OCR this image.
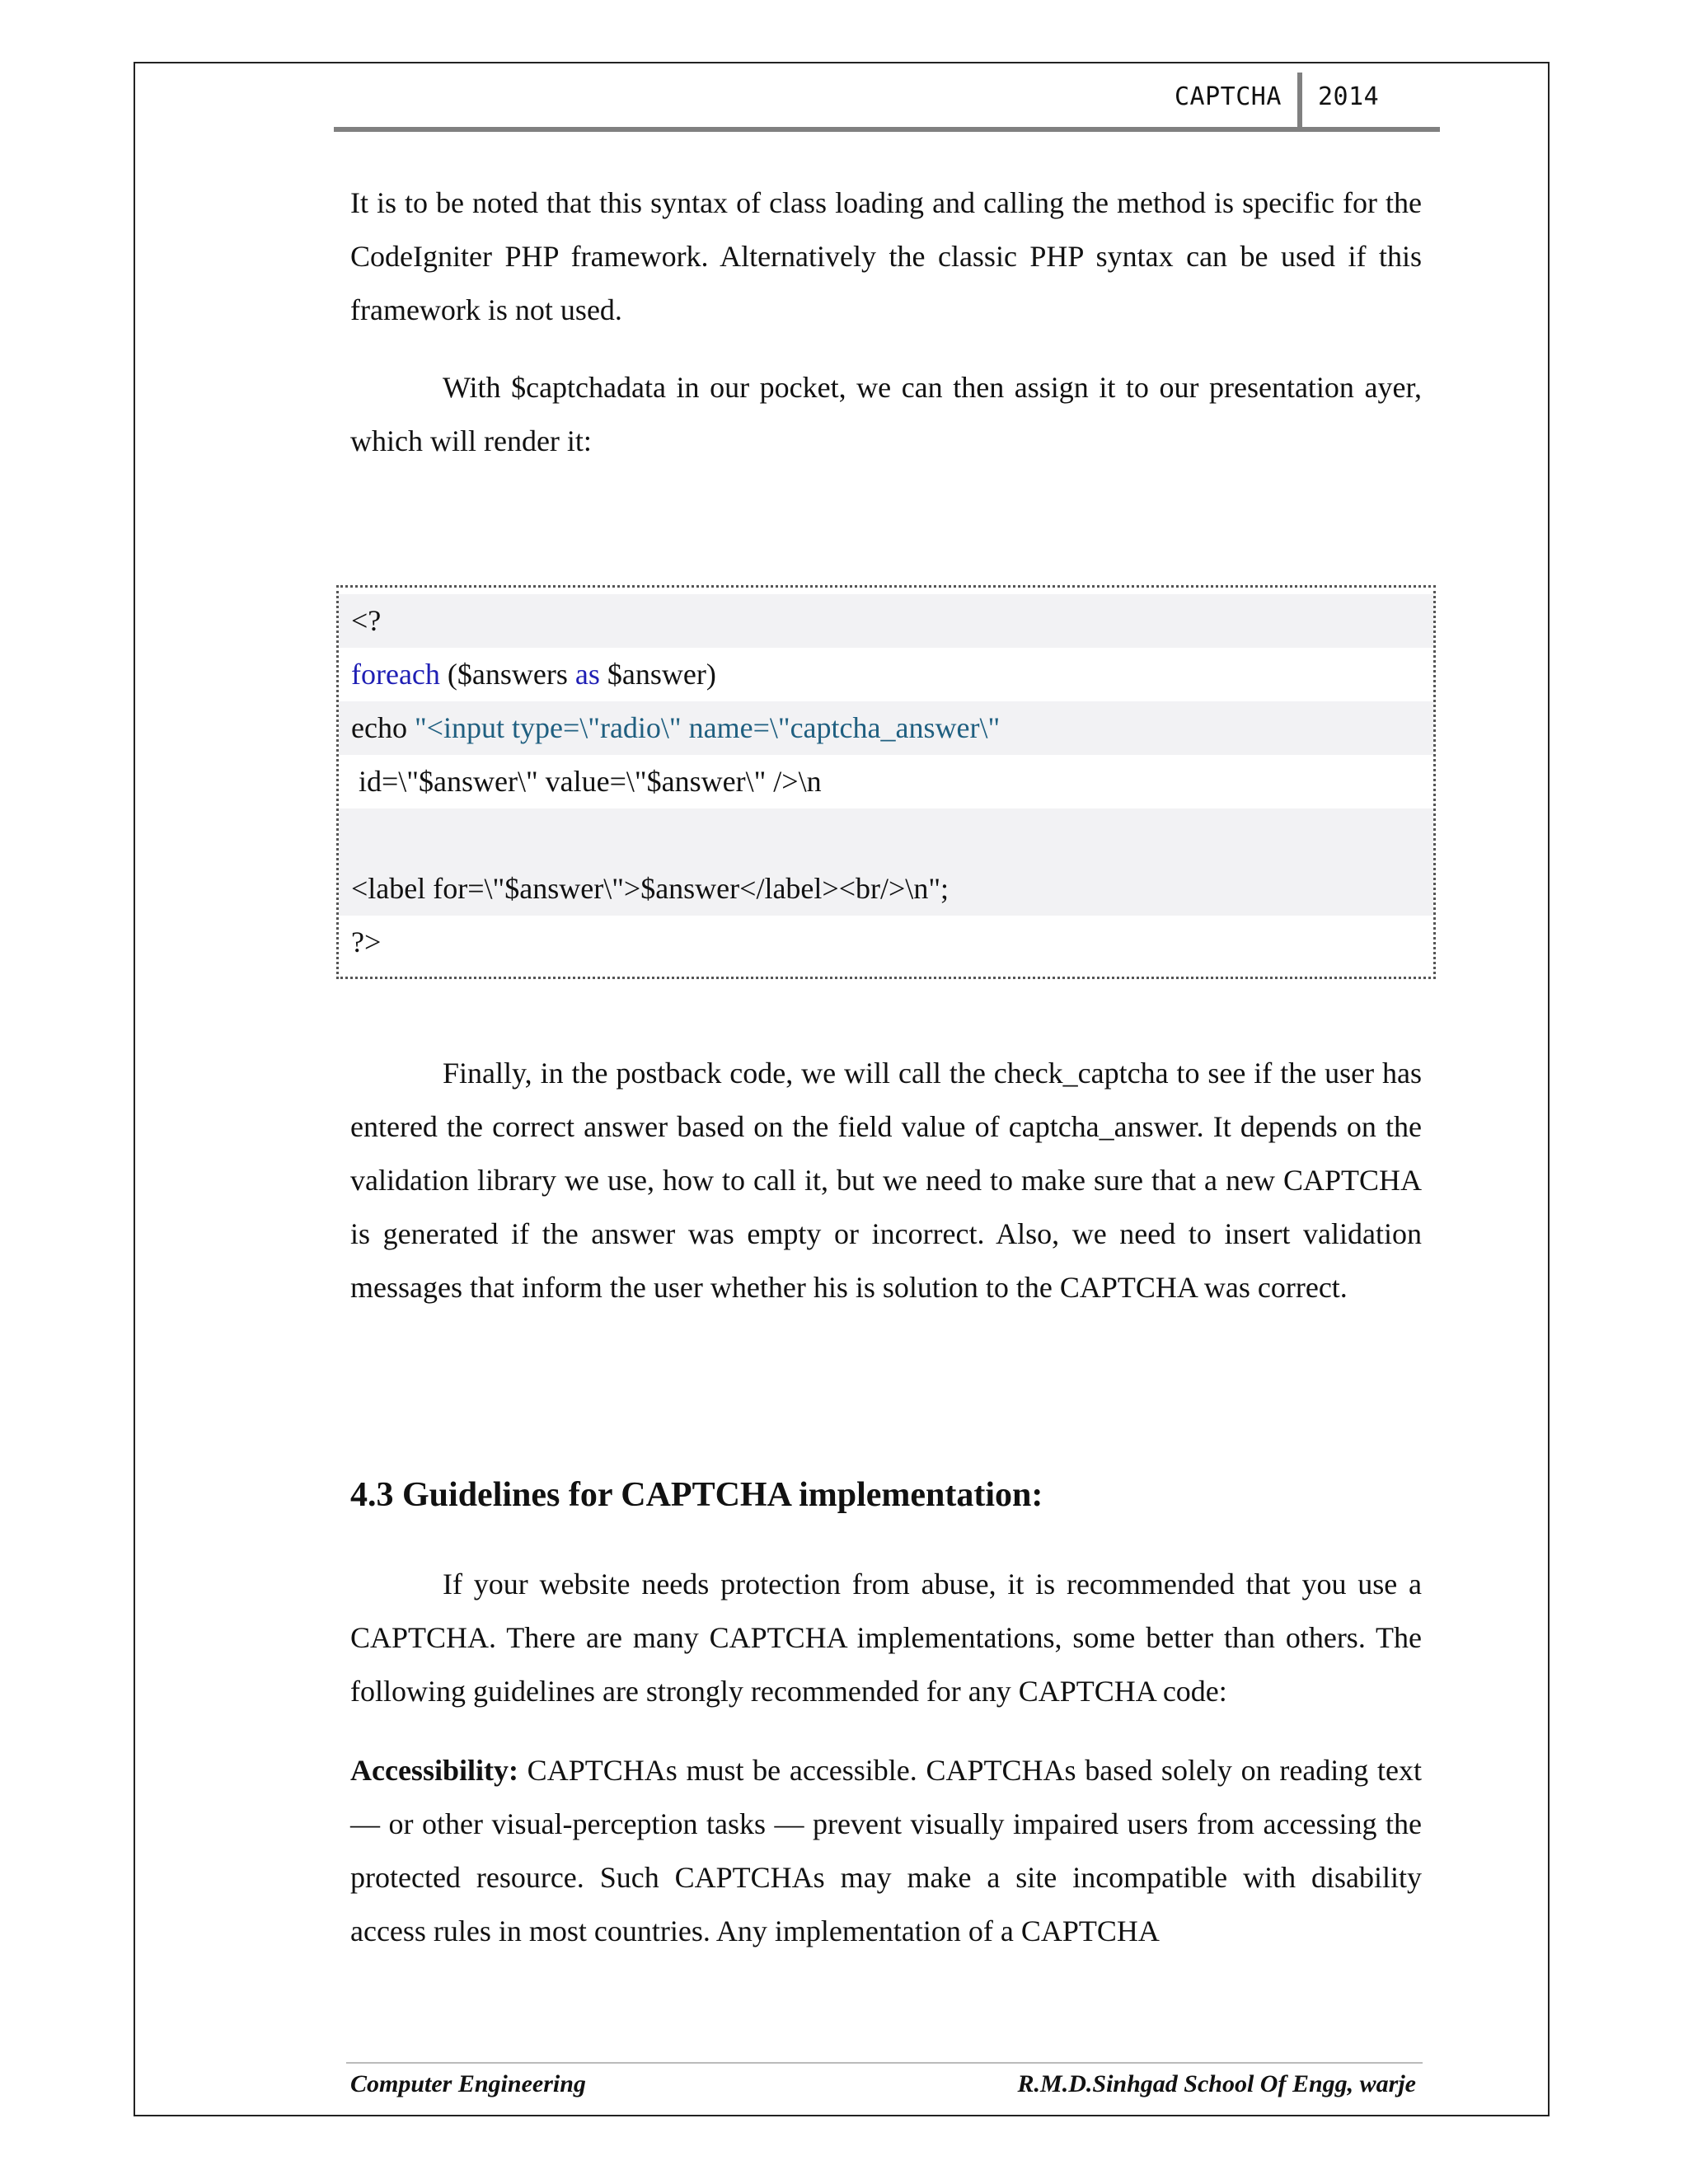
CAPTCHA 2014

It is to be noted that this syntax of class loading and calling the method is specific for the CodeIgniter PHP framework. Alternatively the classic PHP syntax can be used if this framework is not used.

With $captchadata in our pocket, we can then assign it to our presentation ayer, which will render it:

<?
foreach ($answers as $answer)
echo "<input type=\"radio\" name=\"captcha_answer\"
id=\"$answer\" value=\"$answer\" />\n
<label for=\"$answer\">$answer</label><br/>\n";
?>

Finally, in the postback code, we will call the check_captcha to see if the user has entered the correct answer based on the field value of captcha_answer. It depends on the validation library we use, how to call it, but we need to make sure that a new CAPTCHA is generated if the answer was empty or incorrect. Also, we need to insert validation messages that inform the user whether his is solution to the CAPTCHA was correct.

4.3 Guidelines for CAPTCHA implementation:

If your website needs protection from abuse, it is recommended that you use a CAPTCHA. There are many CAPTCHA implementations, some better than others. The following guidelines are strongly recommended for any CAPTCHA code:

Accessibility: CAPTCHAs must be accessible. CAPTCHAs based solely on reading text — or other visual-perception tasks — prevent visually impaired users from accessing the protected resource. Such CAPTCHAs may make a site incompatible with disability access rules in most countries. Any implementation of a CAPTCHA

Computer Engineering	R.M.D.Sinhgad School Of Engg, warje
